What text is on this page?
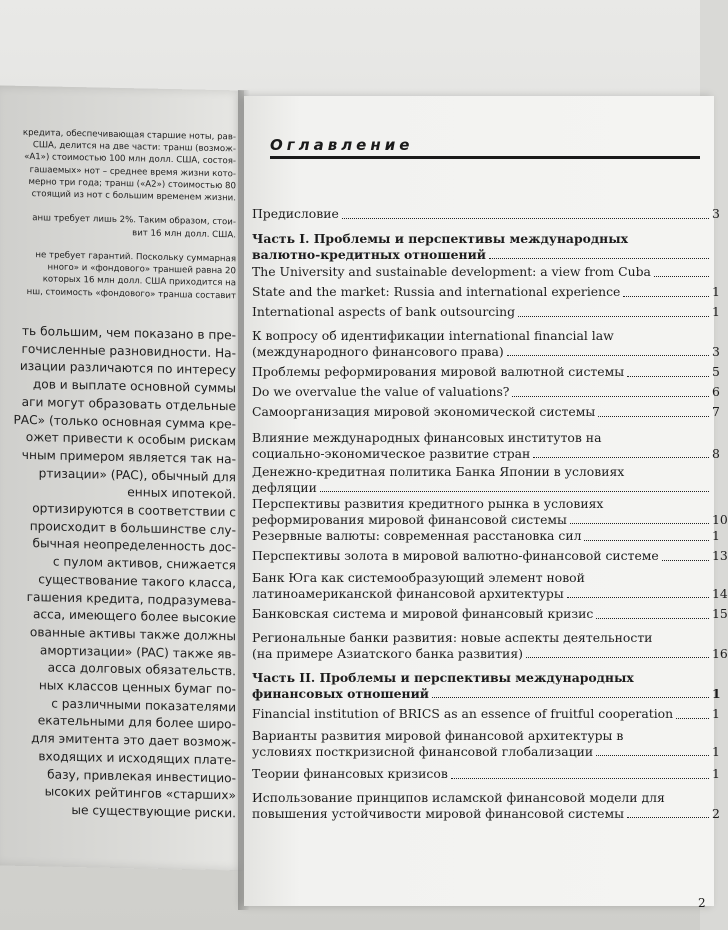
кредита, обеспечивающая старшие ноты, рав-
США, делится на две части: транш (возмож-
«А1») стоимостью 100 млн долл. США, состоя-
гашаемых» нот – среднее время жизни кото-
мерно три года; транш («А2») стоимостью 80
стоящий из нот с большим временем жизни.
анш требует лишь 2%. Таким образом, стои-
вит 16 млн долл. США.
не требует гарантий. Поскольку суммарная
нного» и «фондового» траншей равна 20
которых 16 млн долл. США приходится на
нш, стоимость «фондового» транша составит
ть большим, чем показано в пре-
гочисленные разновидности. На-
изации различаются по интересу
дов и выплате основной суммы
аги могут образовать отдельные
РАС» (только основная сумма кре-
ожет привести к особым рискам
чным примером является так на-
ртизации» (PAC), обычный для
енных ипотекой.
ортизируются в соответствии с
происходит в большинстве слу-
бычная неопределенность дос-
с пулом активов, снижается
существование такого класса,
гашения кредита, подразумева-
асса, имеющего более высокие
ованные активы также должны
амортизации» (PAC) также яв-
асса долговых обязательств.
ных классов ценных бумаг по-
с различными показателями
екательными для более широ-
для эмитента это дает возмож-
входящих и исходящих плате-
базу, привлекая инвестицио-
ысоких рейтингов «старших»
ые существующие риски.
Оглавление
Предисловие	3
Часть I. Проблемы и перспективы международных
валютно-кредитных отношений
The University and sustainable development: a view from Cuba
State and the market: Russia and international experience	1
International aspects of bank outsourcing	1
К вопросу об идентификации international financial law
(международного финансового права)	3
Проблемы реформирования мировой валютной системы	5
Do we overvalue the value of valuations?	6
Самоорганизация мировой экономической системы	7
Влияние международных финансовых институтов на
социально-экономическое развитие стран	8
Денежно-кредитная политика Банка Японии в условиях
дефляции
Перспективы развития кредитного рынка в условиях
реформирования мировой финансовой системы	10
Резервные валюты: современная расстановка сил	1
Перспективы золота в мировой валютно-финансовой системе	13
Банк Юга как системообразующий элемент новой
латиноамериканской финансовой архитектуры	14
Банковская система и мировой финансовый кризис	15
Региональные банки развития: новые аспекты деятельности
(на примере Азиатского банка развития)	16
Часть II. Проблемы и перспективы международных
финансовых отношений	1
Financial institution of BRICS as an essence of fruitful cooperation	1
Варианты развития мировой финансовой архитектуры в
условиях посткризисной финансовой глобализации	1
Теории финансовых кризисов	1
Использование принципов исламской финансовой модели для
повышения устойчивости мировой финансовой системы	2
2
